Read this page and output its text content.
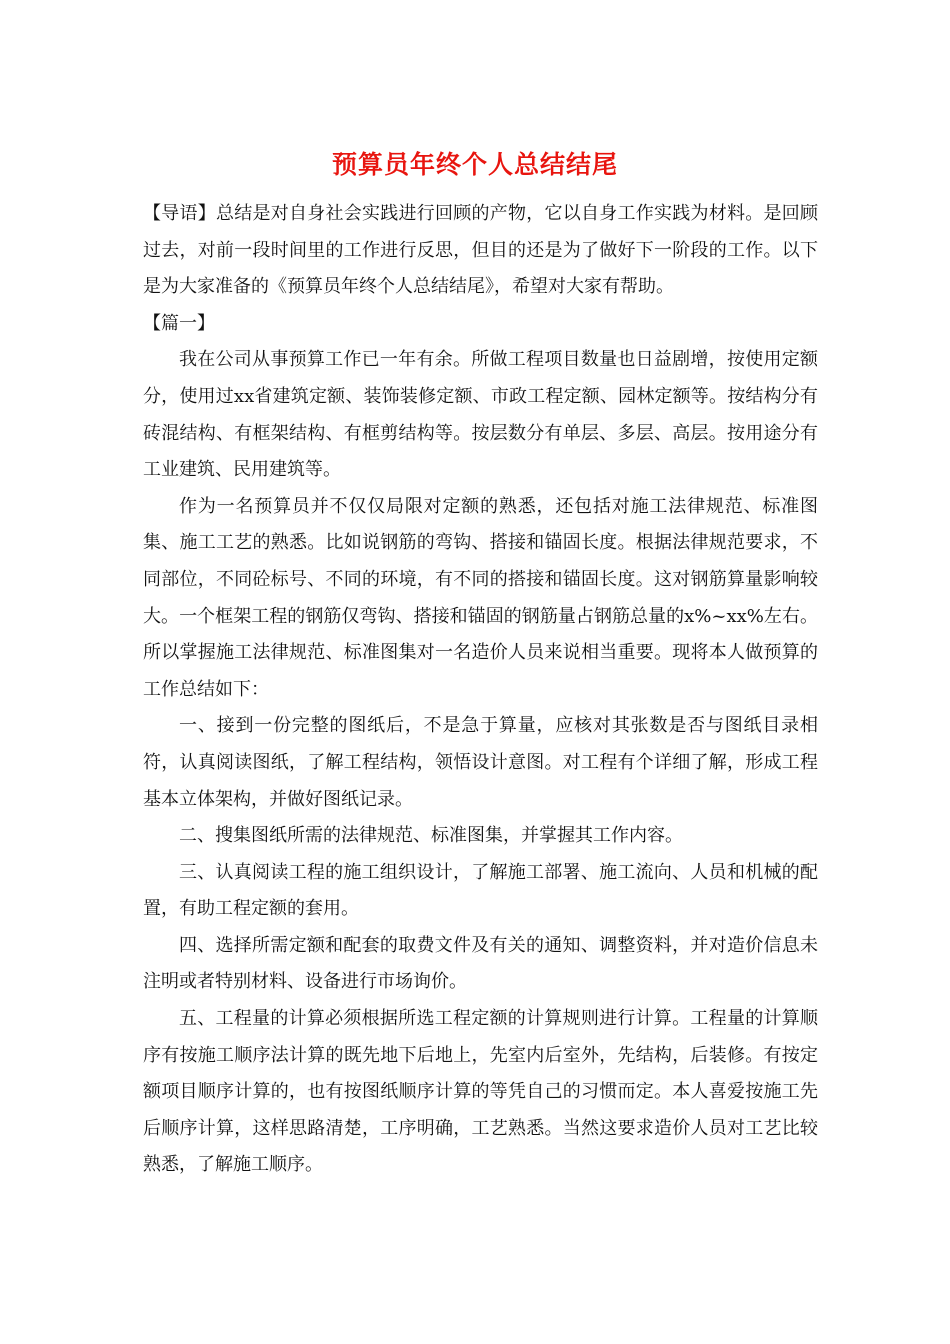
预算员年终个人总结结尾

【导语】总结是对自身社会实践进行回顾的产物，它以自身工作实践为材料。是回顾过去，对前一段时间里的工作进行反思，但目的还是为了做好下一阶段的工作。以下是为大家准备的《预算员年终个人总结结尾》，希望对大家有帮助。

【篇一】

我在公司从事预算工作已一年有余。所做工程项目数量也日益剧增，按使用定额分，使用过xx省建筑定额、装饰装修定额、市政工程定额、园林定额等。按结构分有砖混结构、有框架结构、有框剪结构等。按层数分有单层、多层、高层。按用途分有工业建筑、民用建筑等。

作为一名预算员并不仅仅局限对定额的熟悉，还包括对施工法律规范、标准图集、施工工艺的熟悉。比如说钢筋的弯钩、搭接和锚固长度。根据法律规范要求，不同部位，不同砼标号、不同的环境，有不同的搭接和锚固长度。这对钢筋算量影响较大。一个框架工程的钢筋仅弯钩、搭接和锚固的钢筋量占钢筋总量的x%~xx%左右。所以掌握施工法律规范、标准图集对一名造价人员来说相当重要。现将本人做预算的工作总结如下：

一、接到一份完整的图纸后，不是急于算量，应核对其张数是否与图纸目录相符，认真阅读图纸，了解工程结构，领悟设计意图。对工程有个详细了解，形成工程基本立体架构，并做好图纸记录。

二、搜集图纸所需的法律规范、标准图集，并掌握其工作内容。

三、认真阅读工程的施工组织设计，了解施工部署、施工流向、人员和机械的配置，有助工程定额的套用。

四、选择所需定额和配套的取费文件及有关的通知、调整资料，并对造价信息未注明或者特别材料、设备进行市场询价。

五、工程量的计算必须根据所选工程定额的计算规则进行计算。工程量的计算顺序有按施工顺序法计算的既先地下后地上，先室内后室外，先结构，后装修。有按定额项目顺序计算的，也有按图纸顺序计算的等凭自己的习惯而定。本人喜爱按施工先后顺序计算，这样思路清楚，工序明确，工艺熟悉。当然这要求造价人员对工艺比较熟悉，了解施工顺序。
